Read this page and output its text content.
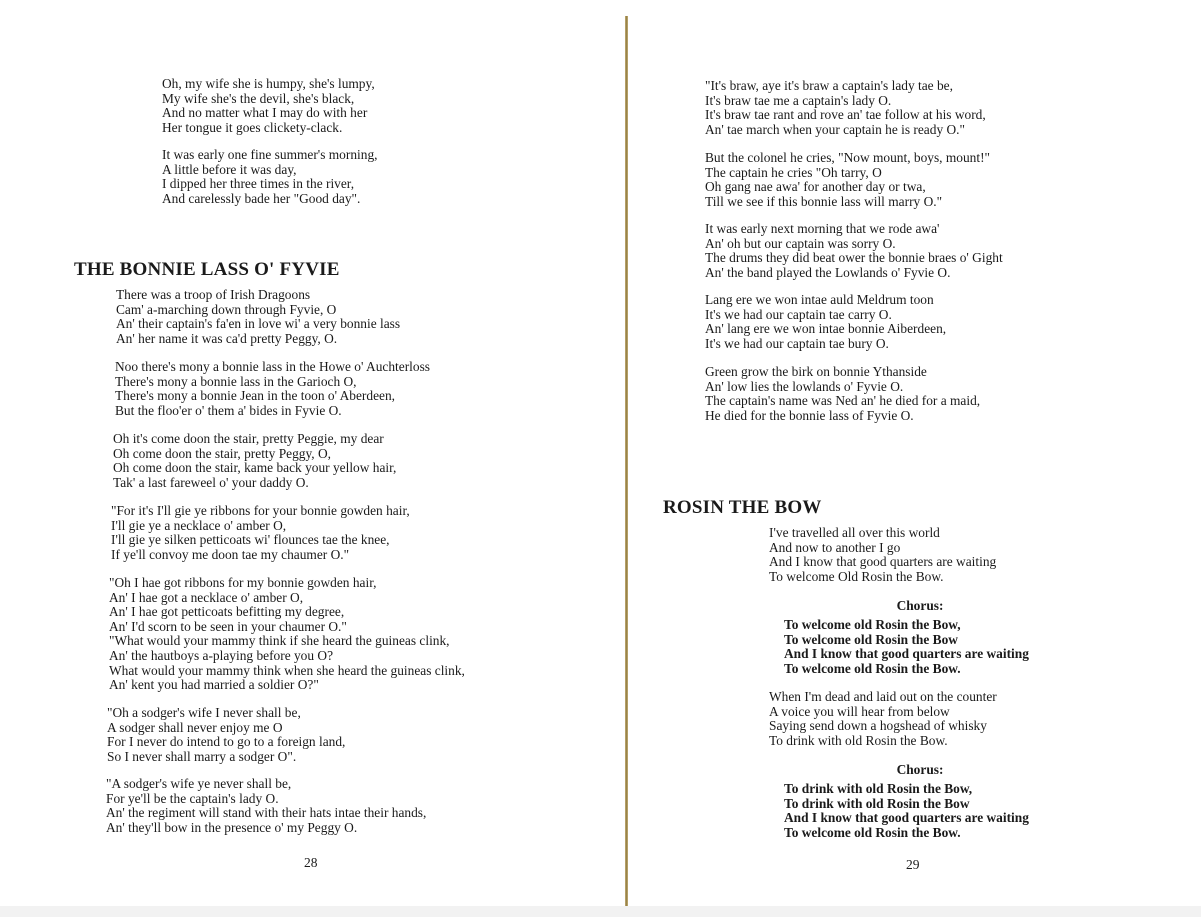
Oh, my wife she is humpy, she's lumpy,
My wife she's the devil, she's black,
And no matter what I may do with her
Her tongue it goes clickety-clack.
It was early one fine summer's morning,
A little before it was day,
I dipped her three times in the river,
And carelessly bade her "Good day".
THE BONNIE LASS O' FYVIE
There was a troop of Irish Dragoons
Cam' a-marching down through Fyvie, O
An' their captain's fa'en in love wi' a very bonnie lass
An' her name it was ca'd pretty Peggy, O.
Noo there's mony a bonnie lass in the Howe o' Auchterloss
There's mony a bonnie lass in the Garioch O,
There's mony a bonnie Jean in the toon o' Aberdeen,
But the floo'er o' them a' bides in Fyvie O.
Oh it's come doon the stair, pretty Peggie, my dear
Oh come doon the stair, pretty Peggy, O,
Oh come doon the stair, kame back your yellow hair,
Tak' a last fareweel o' your daddy O.
"For it's I'll gie ye ribbons for your bonnie gowden hair,
I'll gie ye a necklace o' amber O,
I'll gie ye silken petticoats wi' flounces tae the knee,
If ye'll convoy me doon tae my chaumer O."
"Oh I hae got ribbons for my bonnie gowden hair,
An' I hae got a necklace o' amber O,
An' I hae got petticoats befitting my degree,
An' I'd scorn to be seen in your chaumer O."
"What would your mammy think if she heard the guineas clink,
An' the hautboys a-playing before you O?
What would your mammy think when she heard the guineas clink,
An' kent you had married a soldier O?"
"Oh a sodger's wife I never shall be,
A sodger shall never enjoy me O
For I never do intend to go to a foreign land,
So I never shall marry a sodger O".
"A sodger's wife ye never shall be,
For ye'll be the captain's lady O.
An' the regiment will stand with their hats intae their hands,
An' they'll bow in the presence o' my Peggy O.
28
"It's braw, aye it's braw a captain's lady tae be,
It's braw tae me a captain's lady O.
It's braw tae rant and rove an' tae follow at his word,
An' tae march when your captain he is ready O."
But the colonel he cries, "Now mount, boys, mount!"
The captain he cries "Oh tarry, O
Oh gang nae awa' for another day or twa,
Till we see if this bonnie lass will marry O."
It was early next morning that we rode awa'
An' oh but our captain was sorry O.
The drums they did beat ower the bonnie braes o' Gight
An' the band played the Lowlands o' Fyvie O.
Lang ere we won intae auld Meldrum toon
It's we had our captain tae carry O.
An' lang ere we won intae bonnie Aiberdeen,
It's we had our captain tae bury O.
Green grow the birk on bonnie Ythanside
An' low lies the lowlands o' Fyvie O.
The captain's name was Ned an' he died for a maid,
He died for the bonnie lass of Fyvie O.
ROSIN THE BOW
I've travelled all over this world
And now to another I go
And I know that good quarters are waiting
To welcome Old Rosin the Bow.
Chorus:
To welcome old Rosin the Bow,
To welcome old Rosin the Bow
And I know that good quarters are waiting
To welcome old Rosin the Bow.
When I'm dead and laid out on the counter
A voice you will hear from below
Saying send down a hogshead of whisky
To drink with old Rosin the Bow.
Chorus:
To drink with old Rosin the Bow,
To drink with old Rosin the Bow
And I know that good quarters are waiting
To welcome old Rosin the Bow.
29
